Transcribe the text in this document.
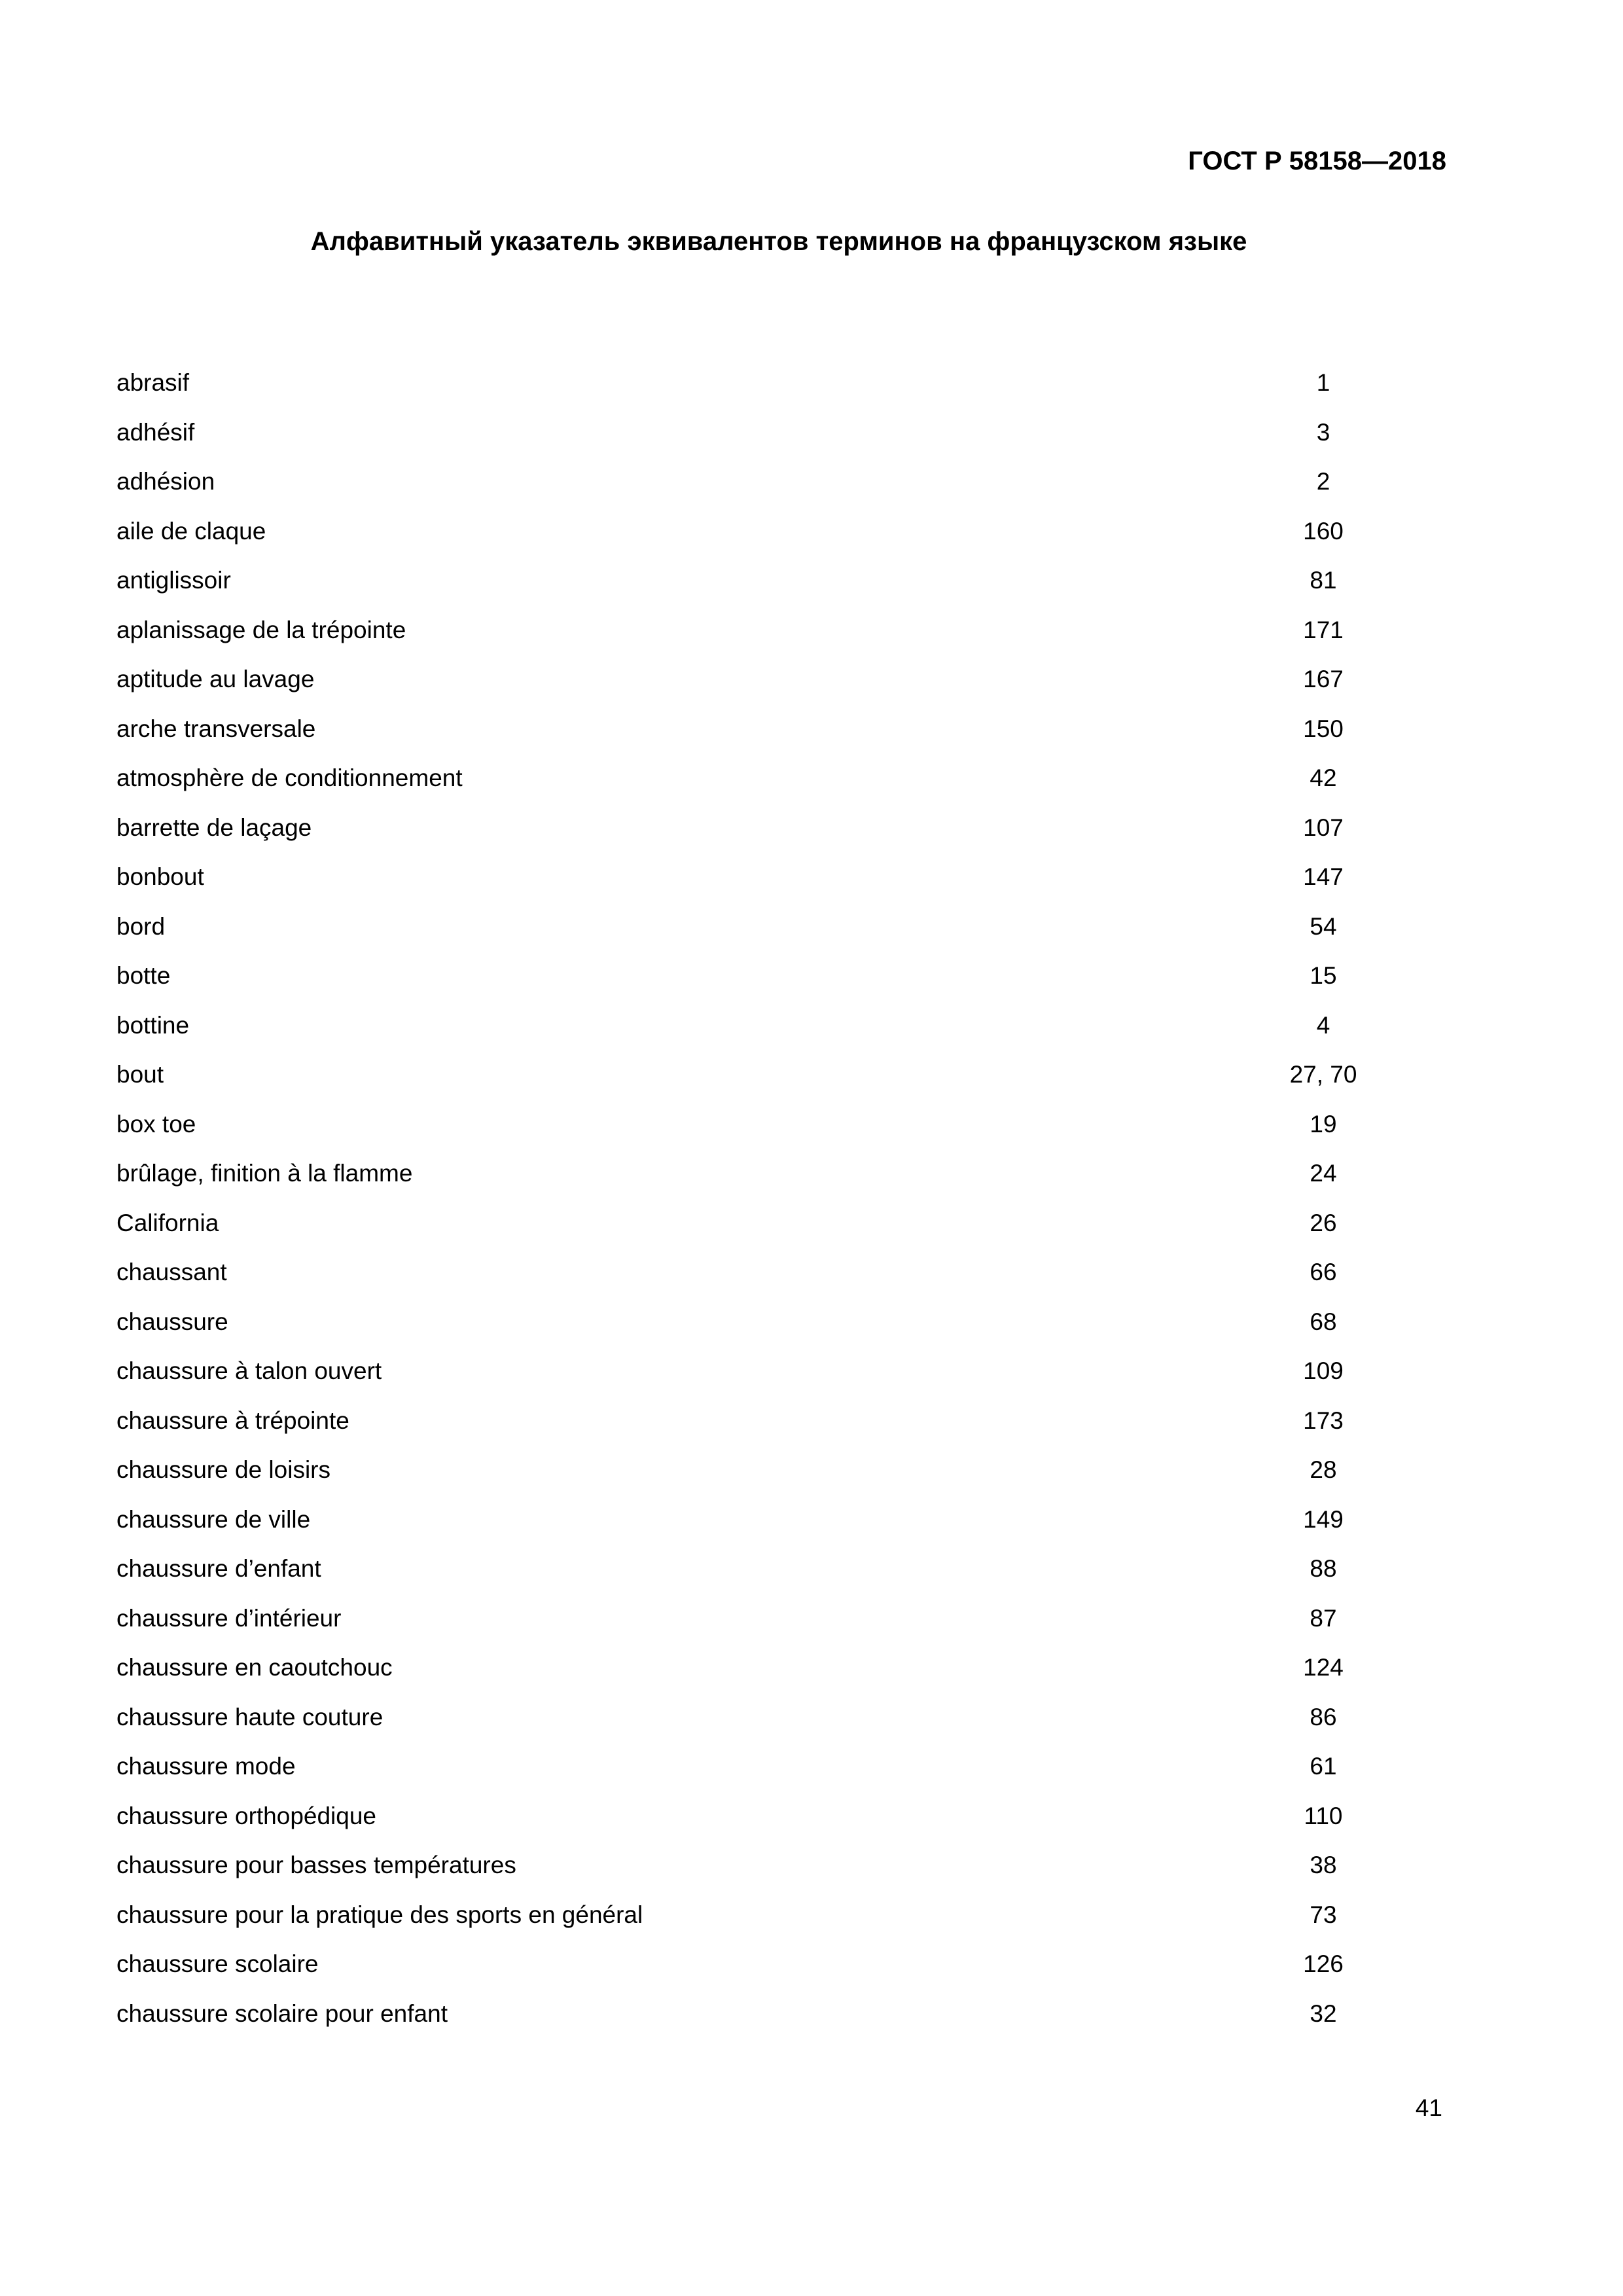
ГОСТ Р 58158—2018
Алфавитный указатель эквивалентов терминов на французском языке
abrasif	1
adhésif	3
adhésion	2
aile de claque	160
antiglissoir	81
aplanissage de la trépointe	171
aptitude au lavage	167
arche transversale	150
atmosphère de conditionnement	42
barrette de laçage	107
bonbout	147
bord	54
botte	15
bottine	4
bout	27, 70
box toe	19
brûlage, finition à la flamme	24
California	26
chaussant	66
chaussure	68
chaussure à talon ouvert	109
chaussure à trépointe	173
chaussure de loisirs	28
chaussure de ville	149
chaussure d’enfant	88
chaussure d’intérieur	87
chaussure en caoutchouc	124
chaussure haute couture	86
chaussure mode	61
chaussure orthopédique	110
chaussure pour basses températures	38
chaussure pour la pratique des sports en général	73
chaussure scolaire	126
chaussure scolaire pour enfant	32
41
